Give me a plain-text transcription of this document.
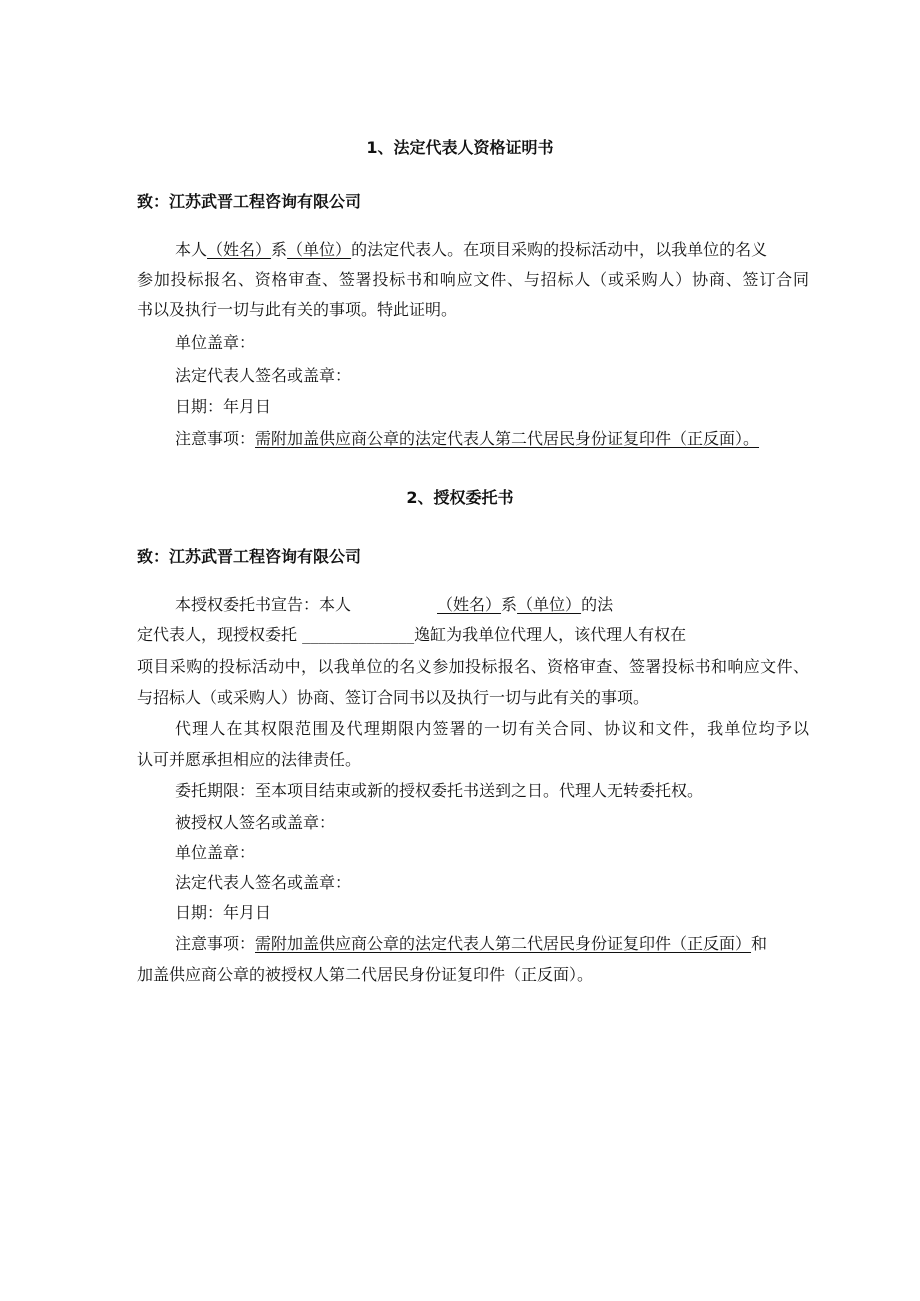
1、法定代表人资格证明书
致：江苏武晋工程咨询有限公司
本人（姓名）系（单位）的法定代表人。在项目采购的投标活动中，以我单位的名义
参加投标报名、资格审查、签署投标书和响应文件、与招标人（或采购人）协商、签订合同
书以及执行一切与此有关的事项。特此证明。
单位盖章：
法定代表人签名或盖章：
日期：年月日
注意事项：需附加盖供应商公章的法定代表人第二代居民身份证复印件（正反面）。
2、授权委托书
致：江苏武晋工程咨询有限公司
本授权委托书宣告：本人	（姓名）系（单位）的法
定代表人，现授权委托 ______________逸缸为我单位代理人，该代理人有权在
项目采购的投标活动中，以我单位的名义参加投标报名、资格审查、签署投标书和响应文件、
与招标人（或采购人）协商、签订合同书以及执行一切与此有关的事项。
代理人在其权限范围及代理期限内签署的一切有关合同、协议和文件，我单位均予以
认可并愿承担相应的法律责任。
委托期限：至本项目结束或新的授权委托书送到之日。代理人无转委托权。
被授权人签名或盖章：
单位盖章：
法定代表人签名或盖章：
日期：年月日
注意事项：需附加盖供应商公章的法定代表人第二代居民身份证复印件（正反面）和
加盖供应商公章的被授权人第二代居民身份证复印件（正反面）。
